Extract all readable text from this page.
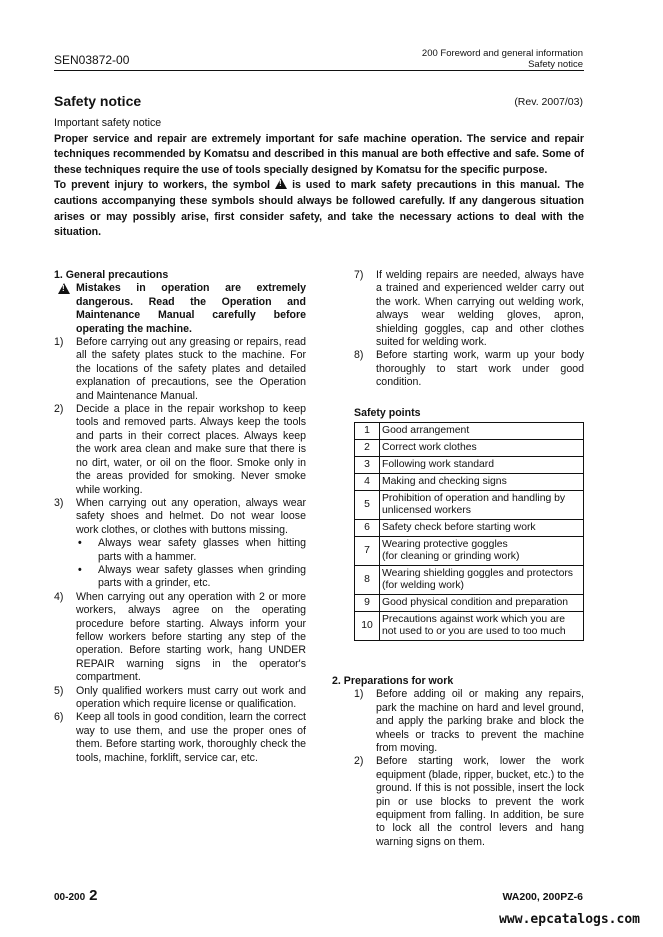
SEN03872-00	200 Foreword and general information
Safety notice
Safety notice	(Rev. 2007/03)
Important safety notice

Proper service and repair are extremely important for safe machine operation. The service and repair techniques recommended by Komatsu and described in this manual are both effective and safe. Some of these techniques require the use of tools specially designed by Komatsu for the specific purpose.

To prevent injury to workers, the symbol ! is used to mark safety precautions in this manual. The cautions accompanying these symbols should always be followed carefully. If any dangerous situation arises or may possibly arise, first consider safety, and take the necessary actions to deal with the situation.

1. General precautions
!
Mistakes in operation are extremely dangerous. Read the Operation and Maintenance Manual carefully before operating the machine.
1) Before carrying out any greasing or repairs, read all the safety plates stuck to the machine. For the locations of the safety plates and detailed explanation of precautions, see the Operation and Maintenance Manual.
2) Decide a place in the repair workshop to keep tools and removed parts. Always keep the tools and parts in their correct places. Always keep the work area clean and make sure that there is no dirt, water, or oil on the floor. Smoke only in the areas provided for smoking. Never smoke while working.
3) When carrying out any operation, always wear safety shoes and helmet. Do not wear loose work clothes, or clothes with buttons missing.
• Always wear safety glasses when hitting parts with a hammer.
• Always wear safety glasses when grinding parts with a grinder, etc.
4) When carrying out any operation with 2 or more workers, always agree on the operating procedure before starting. Always inform your fellow workers before starting any step of the operation. Before starting work, hang UNDER REPAIR warning signs in the operator's compartment.
5) Only qualified workers must carry out work and operation which require license or qualification.
6) Keep all tools in good condition, learn the correct way to use them, and use the proper ones of them. Before starting work, thoroughly check the tools, machine, forklift, service car, etc.
7) If welding repairs are needed, always have a trained and experienced welder carry out the work. When carrying out welding work, always wear welding gloves, apron, shielding goggles, cap and other clothes suited for welding work.
8) Before starting work, warm up your body thoroughly to start work under good condition.
Safety points
1	Good arrangement

2	Correct work clothes

3	Following work standard

4	Making and checking signs

5	Prohibition of operation and handling by
unlicensed workers

6	Safety check before starting work

7	Wearing protective goggles
(for cleaning or grinding work)

8	Wearing shielding goggles and protectors
(for welding work)

9	Good physical condition and preparation

10	Precautions against work which you are
not used to or you are used to too much
2. Preparations for work
1) Before adding oil or making any repairs, park the machine on hard and level ground, and apply the parking brake and block the wheels or tracks to prevent the machine from moving.
2) Before starting work, lower the work equipment (blade, ripper, bucket, etc.) to the ground. If this is not possible, insert the lock pin or use blocks to prevent the work equipment from falling. In addition, be sure to lock all the control levers and hang warning signs on them.
00-200 2	WA200, 200PZ-6
www.epcatalogs.com
